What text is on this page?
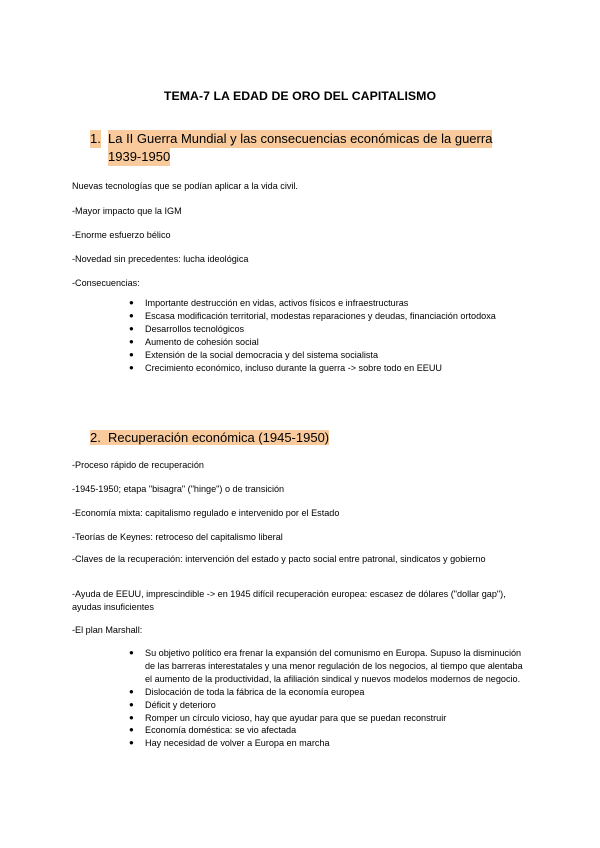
TEMA-7 LA EDAD DE ORO DEL CAPITALISMO
1. La II Guerra Mundial y las consecuencias económicas de la guerra
1939-1950
Nuevas tecnologías que se podían aplicar a la vida civil.
-Mayor impacto que la IGM
-Enorme esfuerzo bélico
-Novedad sin precedentes: lucha ideológica
-Consecuencias:
● Importante destrucción en vidas, activos físicos e infraestructuras
● Escasa modificación territorial, modestas reparaciones y deudas, financiación ortodoxa
● Desarrollos tecnológicos
● Aumento de cohesión social
● Extensión de la social democracia y del sistema socialista
● Crecimiento económico, incluso durante la guerra -> sobre todo en EEUU
2. Recuperación económica (1945-1950)
-Proceso rápido de recuperación
-1945-1950; etapa "bisagra" ("hinge") o de transición
-Economía mixta: capitalismo regulado e intervenido por el Estado
-Teorías de Keynes: retroceso del capitalismo liberal
-Claves de la recuperación: intervención del estado y pacto social entre patronal, sindicatos y gobierno
-Ayuda de EEUU, imprescindible -> en 1945 difícil recuperación europea: escasez de dólares ("dollar gap"), ayudas insuficientes
-El plan Marshall:
● Su objetivo político era frenar la expansión del comunismo en Europa. Supuso la disminución de las barreras interestatales y una menor regulación de los negocios, al tiempo que alentaba el aumento de la productividad, la afiliación sindical y nuevos modelos modernos de negocio.
● Dislocación de toda la fábrica de la economía europea
● Déficit y deterioro
● Romper un círculo vicioso, hay que ayudar para que se puedan reconstruir
● Economía doméstica: se vio afectada
● Hay necesidad de volver a Europa en marcha
